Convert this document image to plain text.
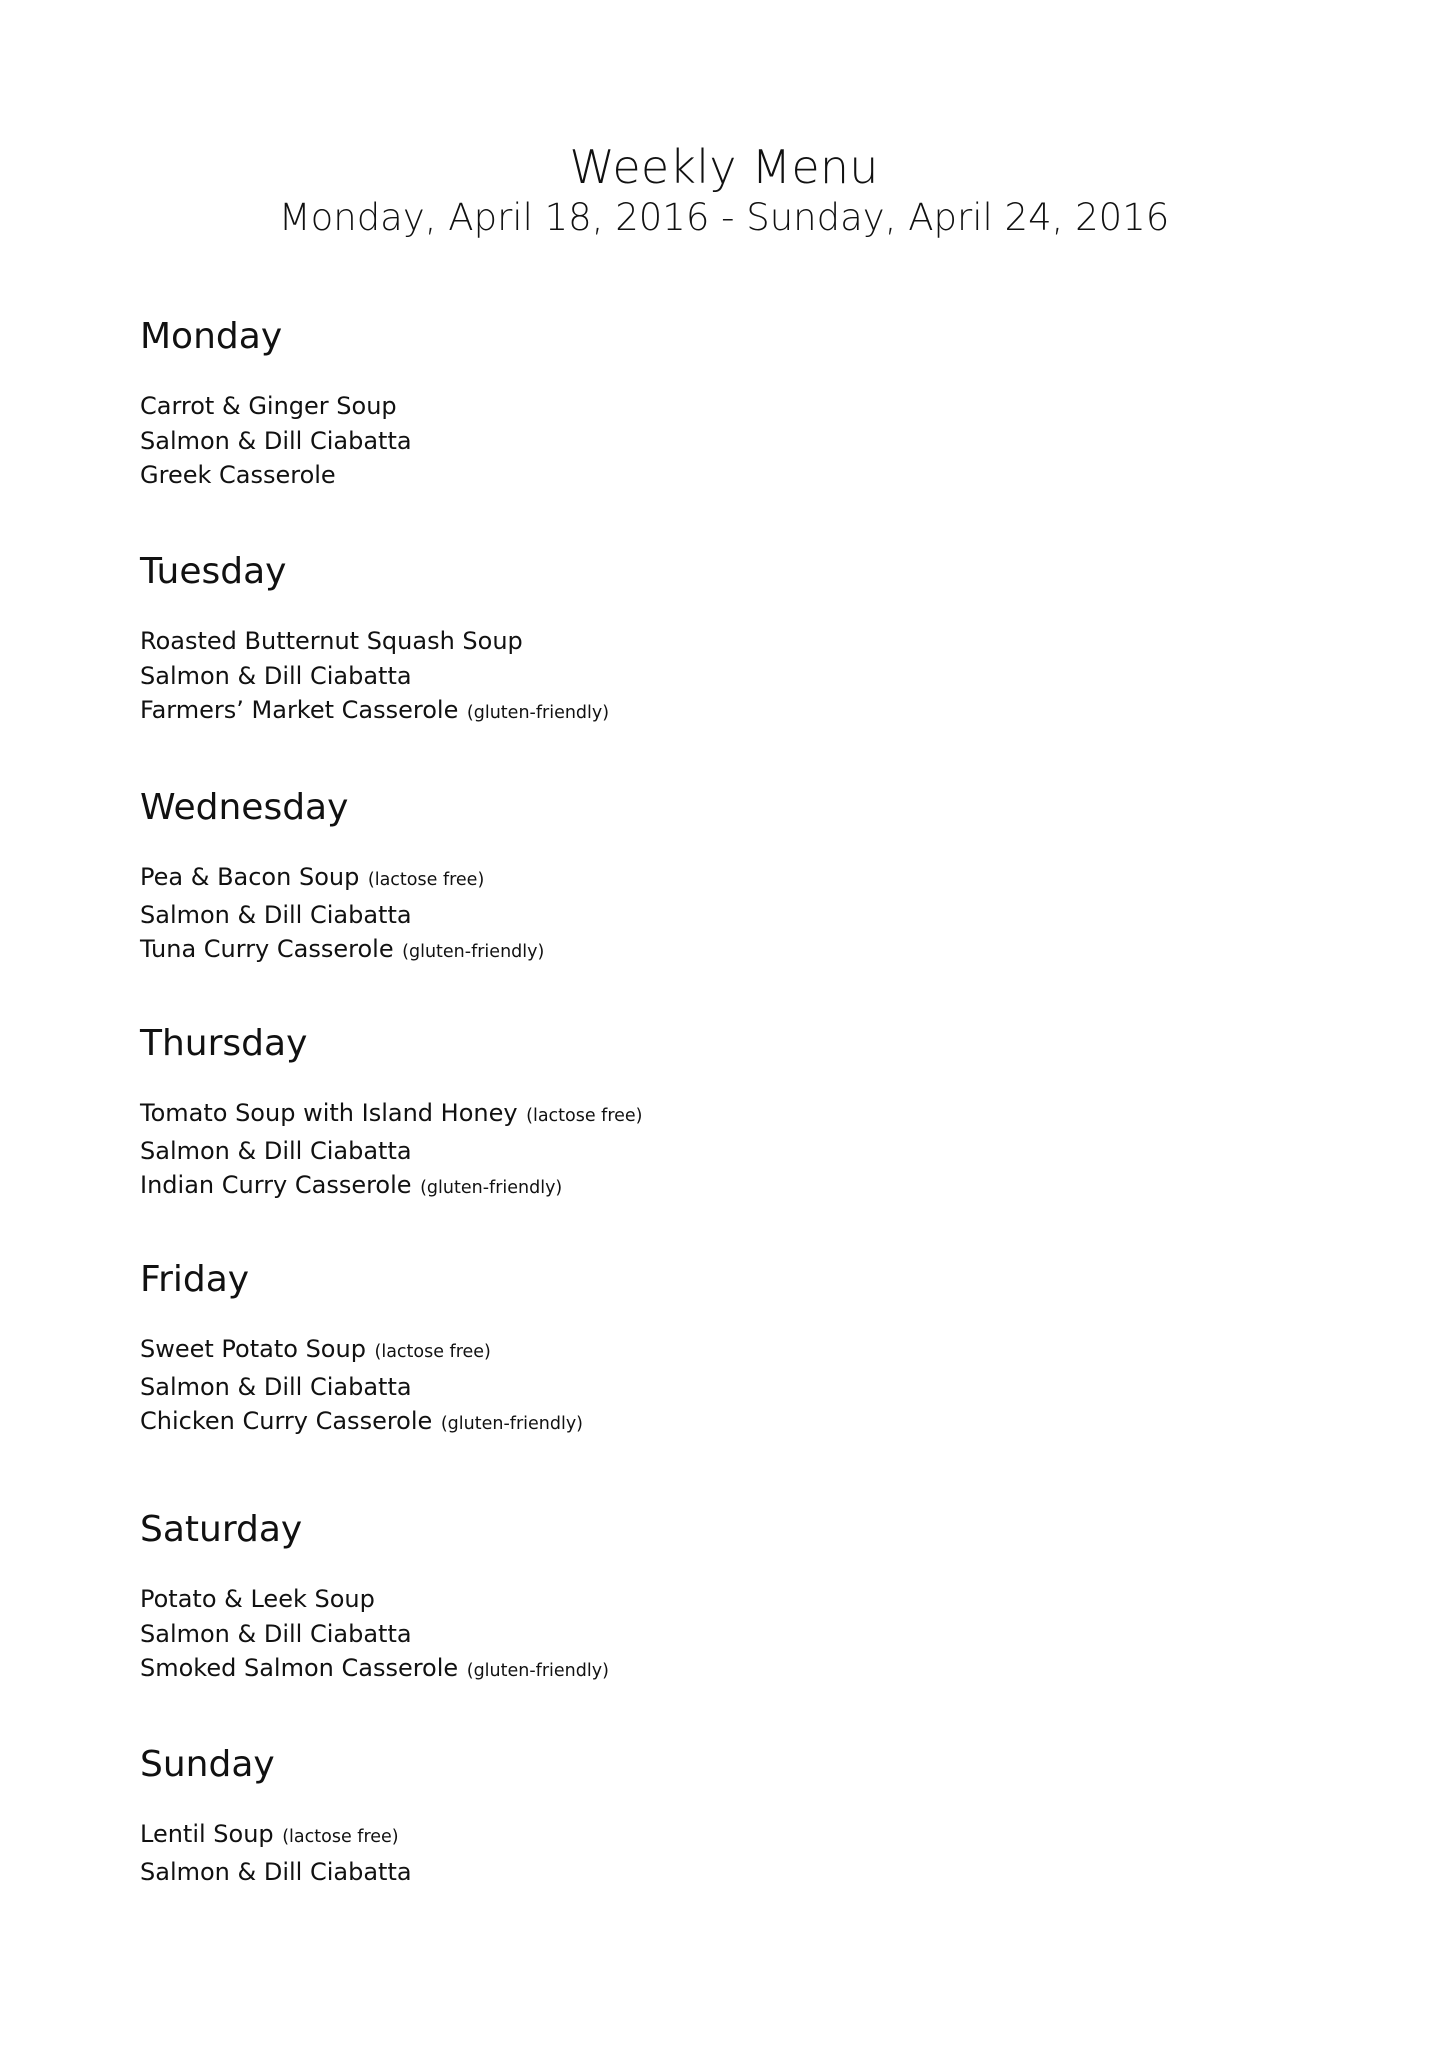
Weekly Menu

Monday, April 18, 2016 - Sunday, April 24, 2016

Monday
Carrot & Ginger Soup
Salmon & Dill Ciabatta
Greek Casserole
Tuesday
Roasted Butternut Squash Soup
Salmon & Dill Ciabatta
Farmers’ Market Casserole (gluten-friendly)
Wednesday
Pea & Bacon Soup (lactose free)
Salmon & Dill Ciabatta
Tuna Curry Casserole (gluten-friendly)
Thursday
Tomato Soup with Island Honey (lactose free)
Salmon & Dill Ciabatta
Indian Curry Casserole (gluten-friendly)
Friday
Sweet Potato Soup (lactose free)
Salmon & Dill Ciabatta
Chicken Curry Casserole (gluten-friendly)
Saturday
Potato & Leek Soup
Salmon & Dill Ciabatta
Smoked Salmon Casserole (gluten-friendly)
Sunday
Lentil Soup (lactose free)
Salmon & Dill Ciabatta
